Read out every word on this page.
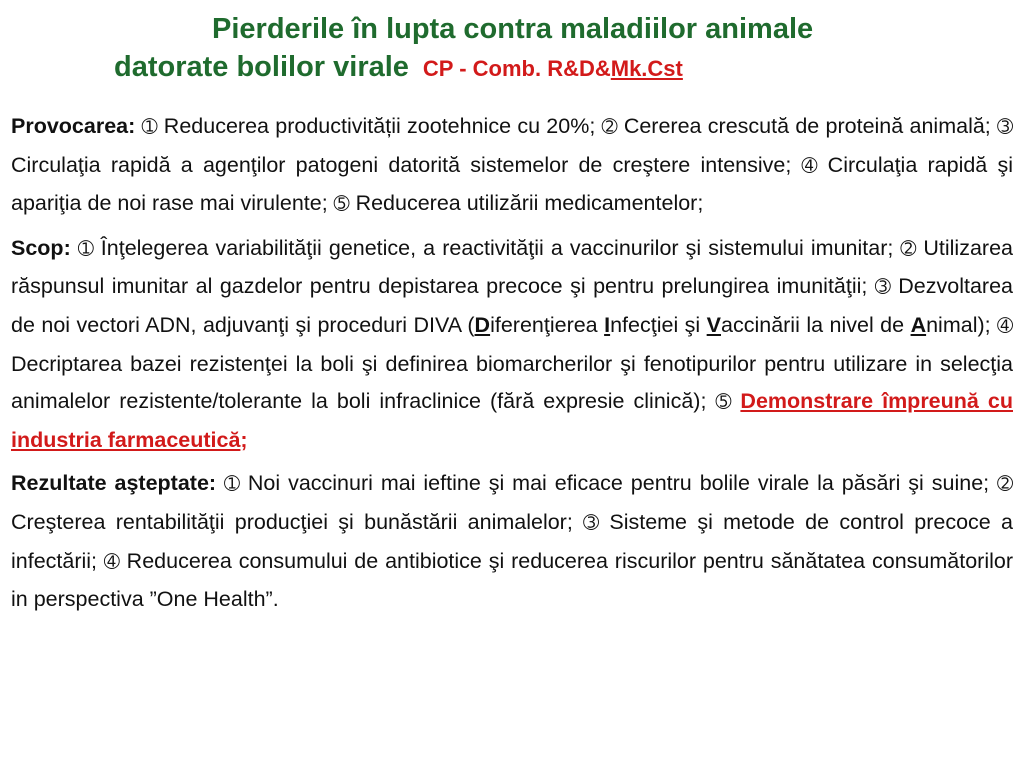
Pierderile în lupta contra maladiilor animale
datorate bolilor virale CP - Comb. R&D&Mk.Cst

Provocarea: ➀ Reducerea productivității zootehnice cu 20%; ➁ Cererea crescută de proteină animală; ➂ Circulaţia rapidă a agenţilor patogeni datorită sistemelor de creştere intensive; ➃ Circulaţia rapidă şi apariţia de noi rase mai virulente; ➄ Reducerea utilizării medicamentelor;

Scop: ➀ Înţelegerea variabilităţii genetice, a reactivităţii a vaccinurilor şi sistemului imunitar; ➁ Utilizarea răspunsul imunitar al gazdelor pentru depistarea precoce şi pentru prelungirea imunităţii; ➂ Dezvoltarea de noi vectori ADN, adjuvanţi şi proceduri DIVA (Diferenţierea Infecţiei şi Vaccinării la nivel de Animal); ➃ Decriptarea bazei rezistenţei la boli şi definirea biomarcherilor şi fenotipurilor pentru utilizare in selecţia animalelor rezistente/tolerante la boli infraclinice (fără expresie clinică); ➄ Demonstrare împreună cu industria farmaceutică;

Rezultate aşteptate: ➀ Noi vaccinuri mai ieftine şi mai eficace pentru bolile virale la păsări şi suine; ➁ Creşterea rentabilităţii producţiei şi bunăstării animalelor; ➂ Sisteme şi metode de control precoce a infectării; ➃ Reducerea consumului de antibiotice şi reducerea riscurilor pentru sănătatea consumătorilor in perspectiva ”One Health”.
